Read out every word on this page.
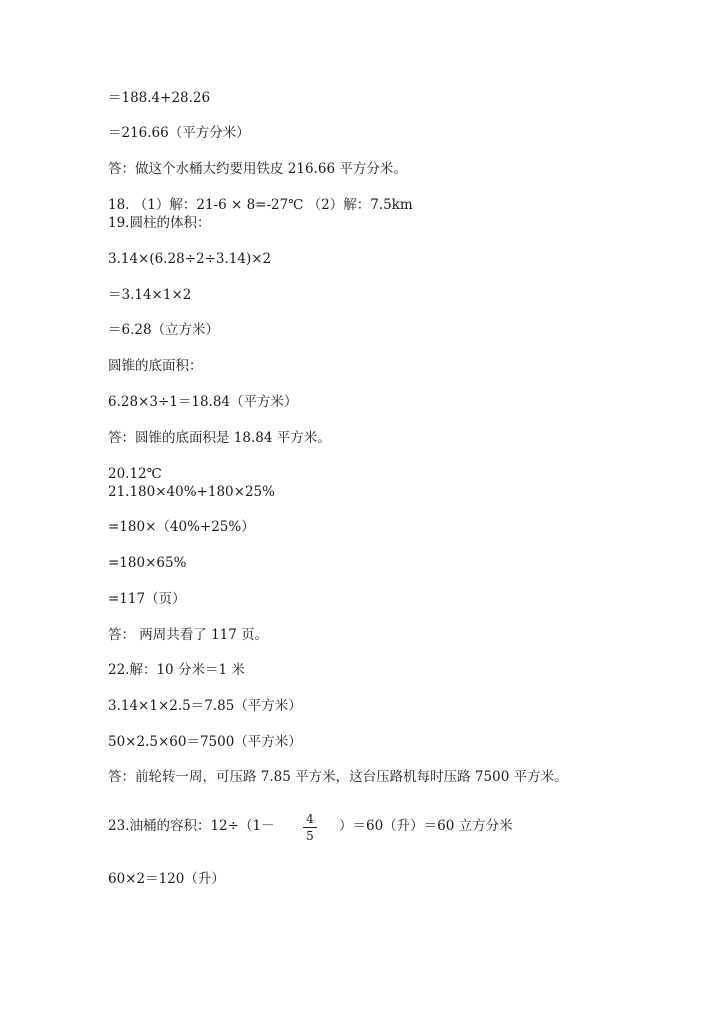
＝188.4+28.26
＝216.66（平方分米）
答：做这个水桶大约要用铁皮 216.66 平方分米。
18. （1）解：21-6 × 8=-27℃ （2）解：7.5km
19.圆柱的体积：
3.14×(6.28÷2÷3.14)×2
＝3.14×1×2
＝6.28（立方米）
圆锥的底面积：
6.28×3÷1＝18.84（平方米）
答：圆锥的底面积是 18.84 平方米。
20.12℃
21.180×40%+180×25%
=180×（40%+25%）
=180×65%
=117（页）
答： 两周共看了 117 页。
22.解：10 分米＝1 米
3.14×1×2.5＝7.85（平方米）
50×2.5×60＝7500（平方米）
答：前轮转一周，可压路 7.85 平方米，这台压路机每时压路 7500 平方米。
23.油桶的容积：12÷（1－	4
5
）＝60（升）＝60 立方分米
60×2＝120（升）
